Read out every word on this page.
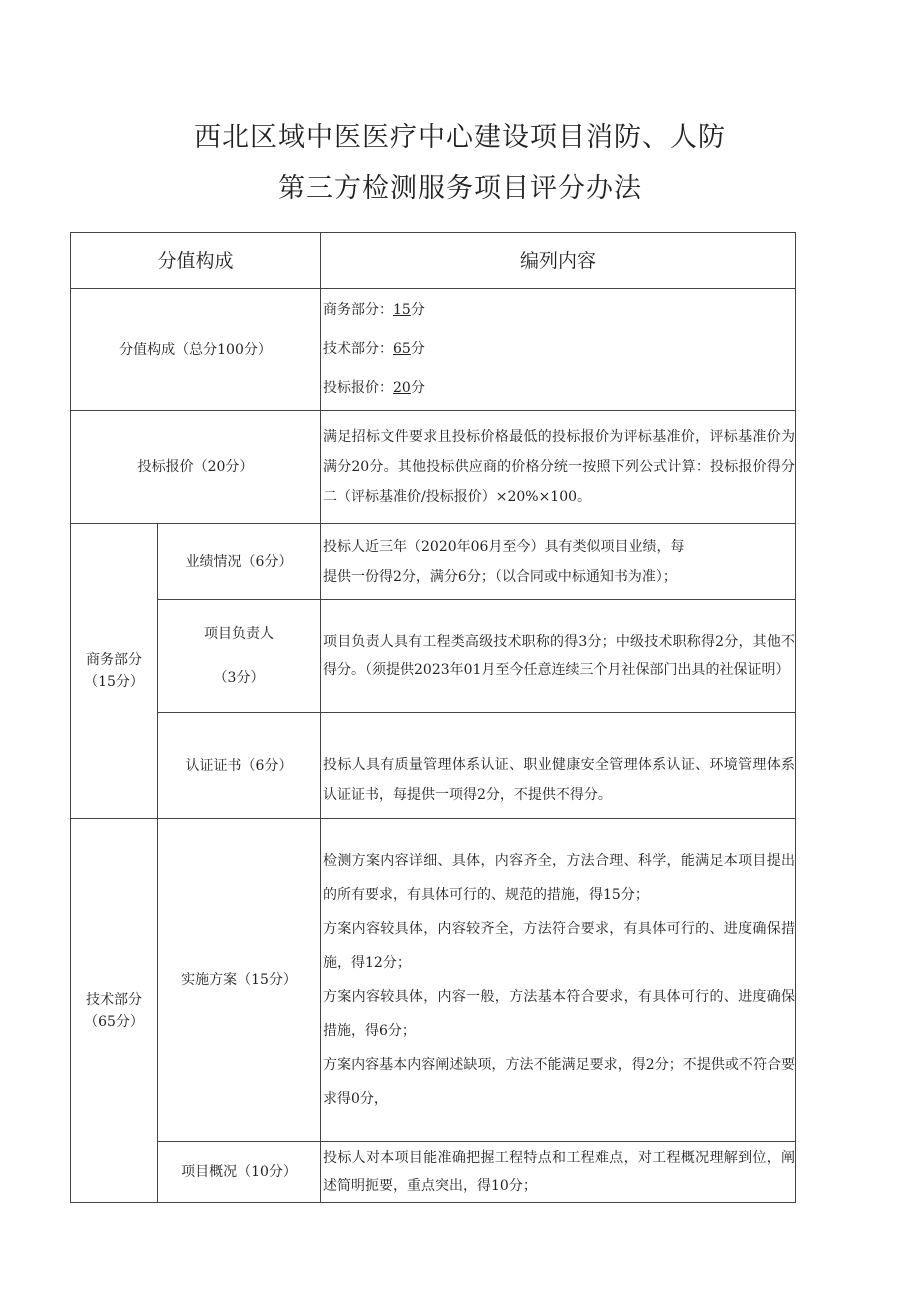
西北区域中医医疗中心建设项目消防、人防
第三方检测服务项目评分办法
分值构成		编列内容
分值构成（总分100分）		商务部分：15分

技术部分：65分

投标报价：20分

投标报价（20分）		满足招标文件要求且投标价格最低的投标报价为评标基准价，评标基准价为满分20分。其他投标供应商的价格分统一按照下列公式计算：投标报价得分二（评标基准价/投标报价）×20%×100。
商务部分（15分）	业绩情况（6分）	投标人近三年（2020年06月至今）具有类似项目业绩，每

提供一份得2分，满分6分；（以合同或中标通知书为准）；

	项目负责人
（3分）	项目负责人具有工程类高级技术职称的得3分；中级技术职称得2分，其他不得分。（须提供2023年01月至今任意连续三个月社保部门出具的社保证明）
	认证证书（6分）	投标人具有质量管理体系认证、职业健康安全管理体系认证、环境管理体系认证证书，每提供一项得2分，不提供不得分。
技术部分（65分）	实施方案（15分）	检测方案内容详细、具体，内容齐全，方法合理、科学，能满足本项目提出的所有要求，有具体可行的、规范的措施，得15分；

方案内容较具体，内容较齐全，方法符合要求，有具体可行的、进度确保措施，得12分；

方案内容较具体，内容一般，方法基本符合要求，有具体可行的、进度确保措施，得6分；

方案内容基本内容阐述缺项，方法不能满足要求，得2分；不提供或不符合要求得0分，

	项目概况（10分）	投标人对本项目能准确把握工程特点和工程难点，对工程概况理解到位，阐述简明扼要，重点突出，得10分；
